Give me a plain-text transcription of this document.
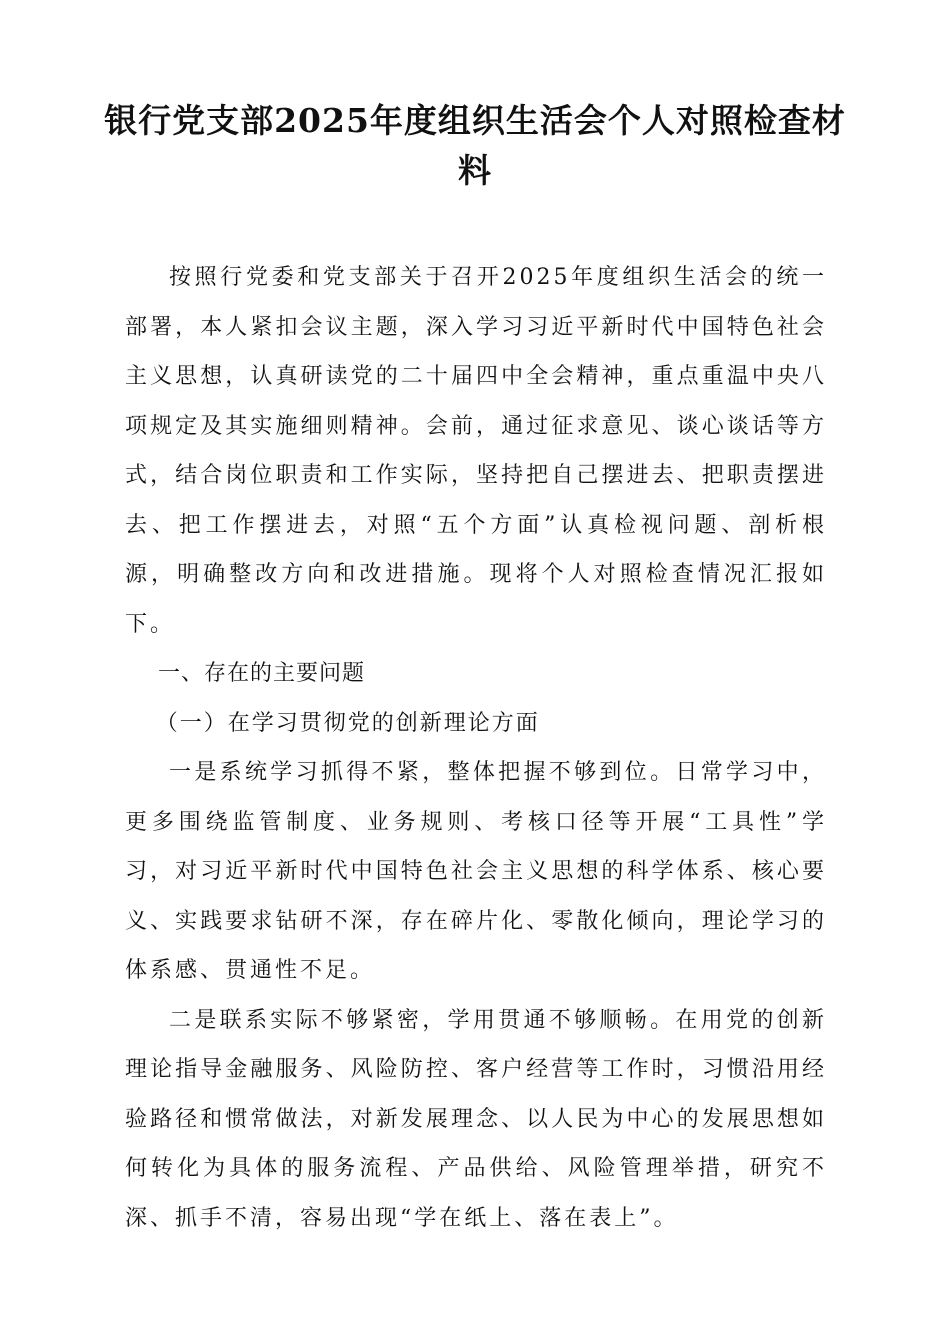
银行党支部2025年度组织生活会个人对照检查材料

按照行党委和党支部关于召开2025年度组织生活会的统一部署，本人紧扣会议主题，深入学习习近平新时代中国特色社会主义思想，认真研读党的二十届四中全会精神，重点重温中央八项规定及其实施细则精神。会前，通过征求意见、谈心谈话等方式，结合岗位职责和工作实际，坚持把自己摆进去、把职责摆进去、把工作摆进去，对照“五个方面”认真检视问题、剖析根源，明确整改方向和改进措施。现将个人对照检查情况汇报如下。

一、存在的主要问题

（一）在学习贯彻党的创新理论方面

一是系统学习抓得不紧，整体把握不够到位。日常学习中，更多围绕监管制度、业务规则、考核口径等开展“工具性”学习，对习近平新时代中国特色社会主义思想的科学体系、核心要义、实践要求钻研不深，存在碎片化、零散化倾向，理论学习的体系感、贯通性不足。

二是联系实际不够紧密，学用贯通不够顺畅。在用党的创新理论指导金融服务、风险防控、客户经营等工作时，习惯沿用经验路径和惯常做法，对新发展理念、以人民为中心的发展思想如何转化为具体的服务流程、产品供给、风险管理举措，研究不深、抓手不清，容易出现“学在纸上、落在表上”。
